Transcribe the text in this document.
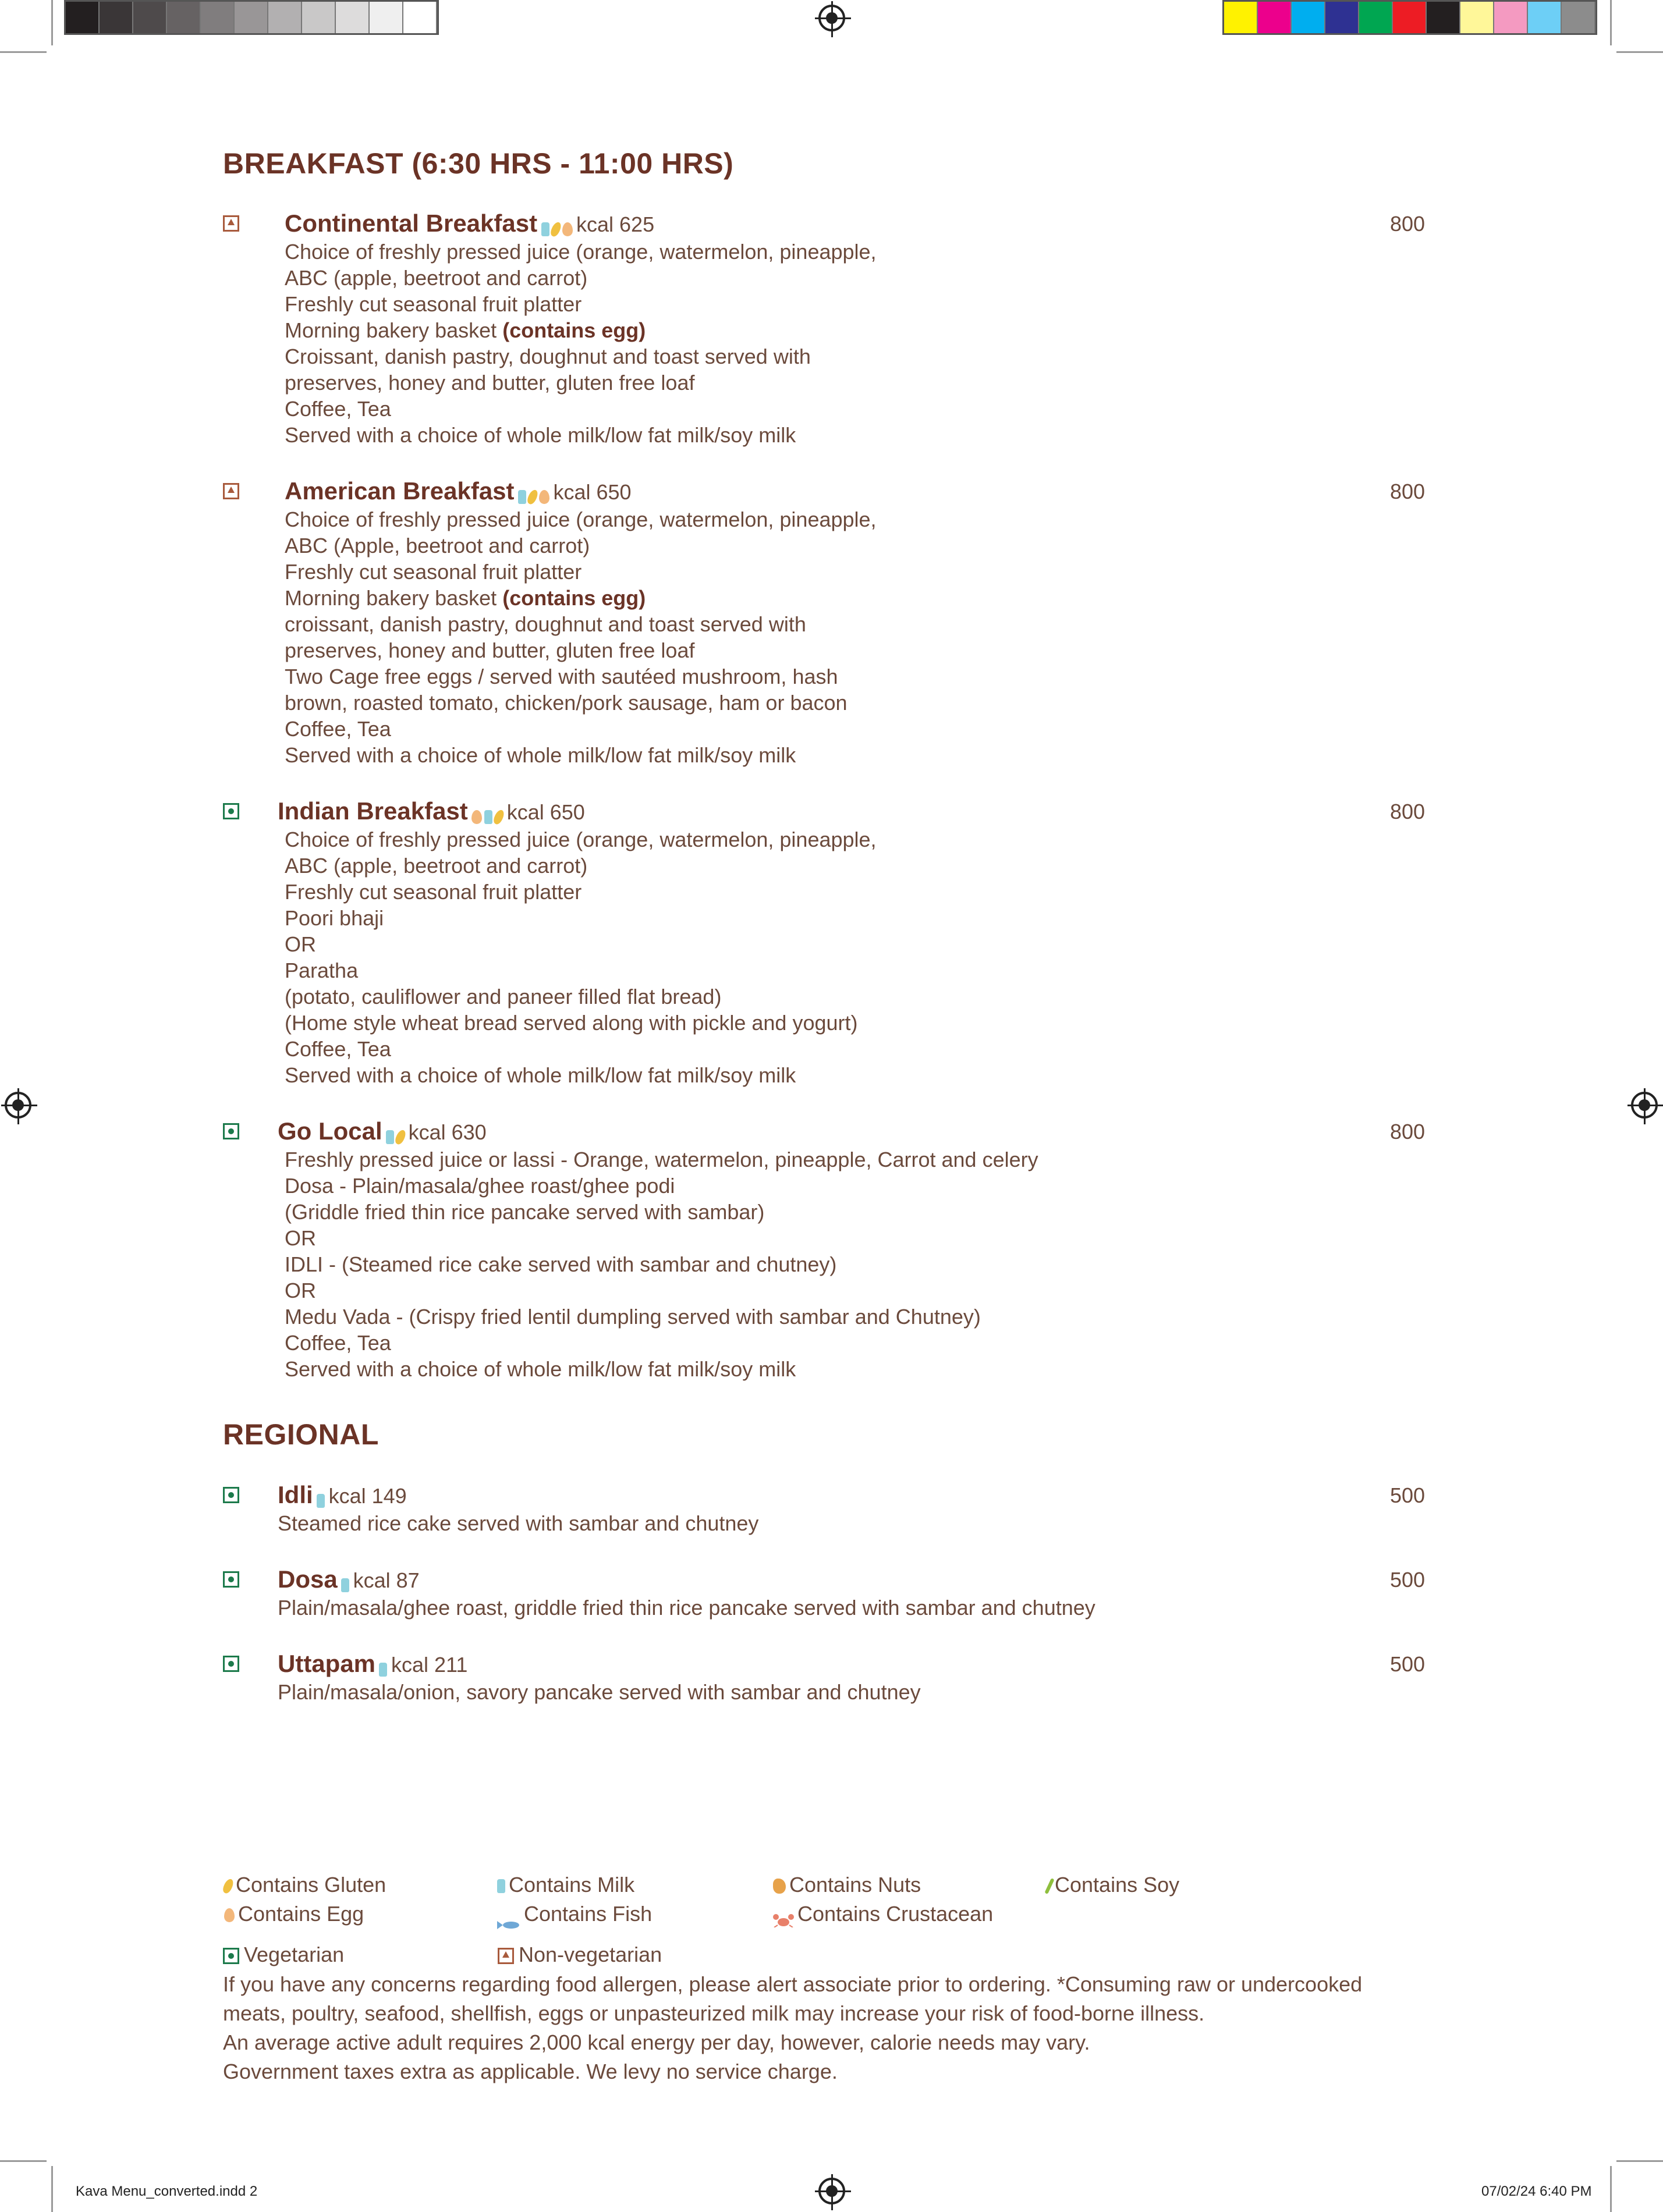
BREAKFAST (6:30 HRS - 11:00 HRS)
Continental Breakfast kcal 625	800
Choice of freshly pressed juice (orange, watermelon, pineapple,
ABC (apple, beetroot and carrot)
Freshly cut seasonal fruit platter
Morning bakery basket (contains egg)
Croissant, danish pastry, doughnut and toast served with
preserves, honey and butter, gluten free loaf
Coffee, Tea
Served with a choice of whole milk/low fat milk/soy milk
American Breakfast kcal 650	800
Choice of freshly pressed juice (orange, watermelon, pineapple,
ABC (Apple, beetroot and carrot)
Freshly cut seasonal fruit platter
Morning bakery basket (contains egg)
croissant, danish pastry, doughnut and toast served with
preserves, honey and butter, gluten free loaf
Two Cage free eggs / served with sautéed mushroom, hash
brown, roasted tomato, chicken/pork sausage, ham or bacon
Coffee, Tea
Served with a choice of whole milk/low fat milk/soy milk
Indian Breakfast kcal 650	800
Choice of freshly pressed juice (orange, watermelon, pineapple,
ABC (apple, beetroot and carrot)
Freshly cut seasonal fruit platter
Poori bhaji
OR
Paratha
(potato, cauliflower and paneer filled flat bread)
(Home style wheat bread served along with pickle and yogurt)
Coffee, Tea
Served with a choice of whole milk/low fat milk/soy milk
Go Local kcal 630	800
Freshly pressed juice or lassi - Orange, watermelon, pineapple, Carrot and celery
Dosa - Plain/masala/ghee roast/ghee podi
(Griddle fried thin rice pancake served with sambar)
OR
IDLI - (Steamed rice cake served with sambar and chutney)
OR
Medu Vada - (Crispy fried lentil dumpling served with sambar and Chutney)
Coffee, Tea
Served with a choice of whole milk/low fat milk/soy milk
REGIONAL
Idli kcal 149	500
Steamed rice cake served with sambar and chutney
Dosa kcal 87	500
Plain/masala/ghee roast, griddle fried thin rice pancake served with sambar and chutney
Uttapam kcal 211	500
Plain/masala/onion, savory pancake served with sambar and chutney
Contains Gluten	Contains Milk	Contains Nuts	Contains Soy
Contains Egg	Contains Fish	Contains Crustacean
Vegetarian	Non-vegetarian
If you have any concerns regarding food allergen, please alert associate prior to ordering. *Consuming raw or undercooked
meats, poultry, seafood, shellfish, eggs or unpasteurized milk may increase your risk of food-borne illness.
An average active adult requires 2,000 kcal energy per day, however, calorie needs may vary.
Government taxes extra as applicable. We levy no service charge.
Kava Menu_converted.indd 2	07/02/24 6:40 PM
